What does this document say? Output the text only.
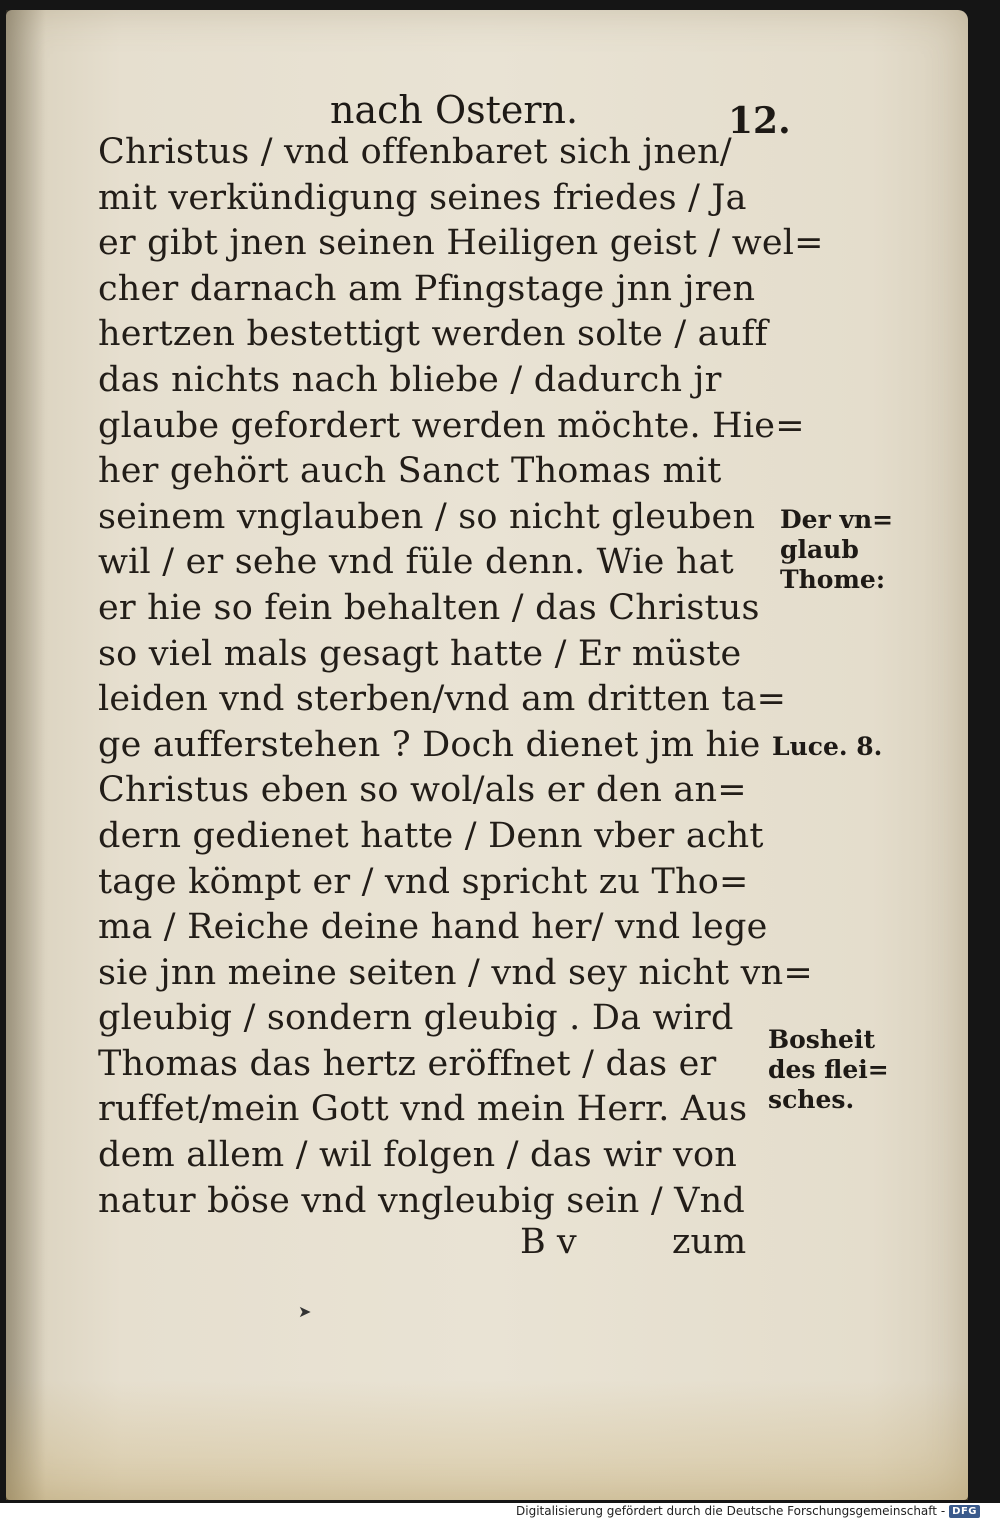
nach Ostern.	12.
Christus / vnd offenbaret sich jnen/
mit verkündigung seines friedes / Ja
er gibt jnen seinen Heiligen geist / wel=
cher darnach am Pfingstage jnn jren
hertzen bestettigt werden solte / auff
das nichts nach bliebe / dadurch jr
glaube gefordert werden möchte. Hie=
her gehört auch Sanct Thomas mit
seinem vnglauben / so nicht gleuben
wil / er sehe vnd füle denn. Wie hat
er hie so fein behalten / das Christus
so viel mals gesagt hatte / Er müste
leiden vnd sterben/vnd am dritten ta=
ge aufferstehen ? Doch dienet jm hie
Christus eben so wol/als er den an=
dern gedienet hatte / Denn vber acht
tage kömpt er / vnd spricht zu Tho=
ma / Reiche deine hand her/ vnd lege
sie jnn meine seiten / vnd sey nicht vn=
gleubig / sondern gleubig . Da wird
Thomas das hertz eröffnet / das er
ruffet/mein Gott vnd mein Herr. Aus
dem allem / wil folgen / das wir von
natur böse vnd vngleubig sein / Vnd
B v	zum
Der vn=
glaub
Thome:
Luce. 8.
Bosheit
des flei=
sches.
➤
Digitalisierung gefördert durch die Deutsche Forschungsgemeinschaft - DFG
